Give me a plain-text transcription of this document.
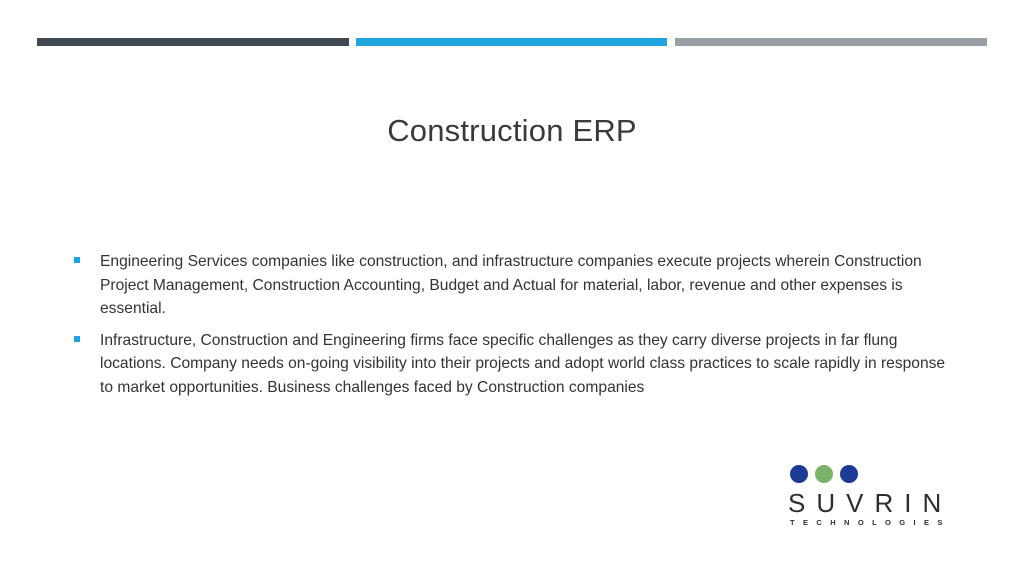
Construction ERP
Engineering Services companies like construction, and infrastructure companies execute projects wherein Construction Project Management, Construction Accounting, Budget and Actual for material, labor, revenue and other expenses is essential.
Infrastructure, Construction and Engineering firms face specific challenges as they carry diverse projects in far flung locations. Company needs on-going visibility into their projects and adopt world class practices to scale rapidly in response to market opportunities. Business challenges faced by Construction companies
SUVRIN
TECHNOLOGIES
